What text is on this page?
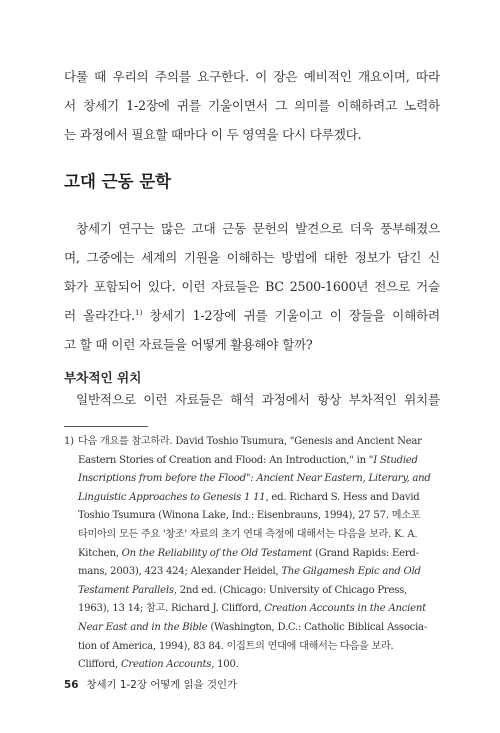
다룰 때 우리의 주의를 요구한다. 이 장은 예비적인 개요이며, 따라
서 창세기 1-2장에 귀를 기울이면서 그 의미를 이해하려고 노력하
는 과정에서 필요할 때마다 이 두 영역을 다시 다루겠다.
고대 근동 문학
창세기 연구는 많은 고대 근동 문헌의 발견으로 더욱 풍부해졌으
며, 그중에는 세계의 기원을 이해하는 방법에 대한 정보가 담긴 신
화가 포함되어 있다. 이런 자료들은 BC 2500-1600년 전으로 거슬
러 올라간다.$^{1)}$ 창세기 1-2장에 귀를 기울이고 이 장들을 이해하려
고 할 때 이런 자료들을 어떻게 활용해야 할까?
부차적인 위치
일반적으로 이런 자료들은 해석 과정에서 항상 부차적인 위치를
1) 다음 개요를 참고하라. David Toshio Tsumura, "Genesis and Ancient Near
Eastern Stories of Creation and Flood: An Introduction," in "I Studied
Inscriptions from before the Flood": Ancient Near Eastern, Literary, and
Linguistic Approaches to Genesis 1 11, ed. Richard S. Hess and David
Toshio Tsumura (Winona Lake, Ind.: Eisenbrauns, 1994), 27 57. 메소포
타미아의 모든 주요 '창조' 자료의 초기 연대 측정에 대해서는 다음을 보라. K. A.
Kitchen, On the Reliability of the Old Testament (Grand Rapids: Eerd-
mans, 2003), 423 424; Alexander Heidel, The Gilgamesh Epic and Old
Testament Parallels, 2nd ed. (Chicago: University of Chicago Press,
1963), 13 14; 참고. Richard J. Clifford, Creation Accounts in the Ancient
Near East and in the Bible (Washington, D.C.: Catholic Biblical Associa-
tion of America, 1994), 83 84. 이집트의 연대에 대해서는 다음을 보라.
Clifford, Creation Accounts, 100.
56 창세기 1-2장 어떻게 읽을 것인가
